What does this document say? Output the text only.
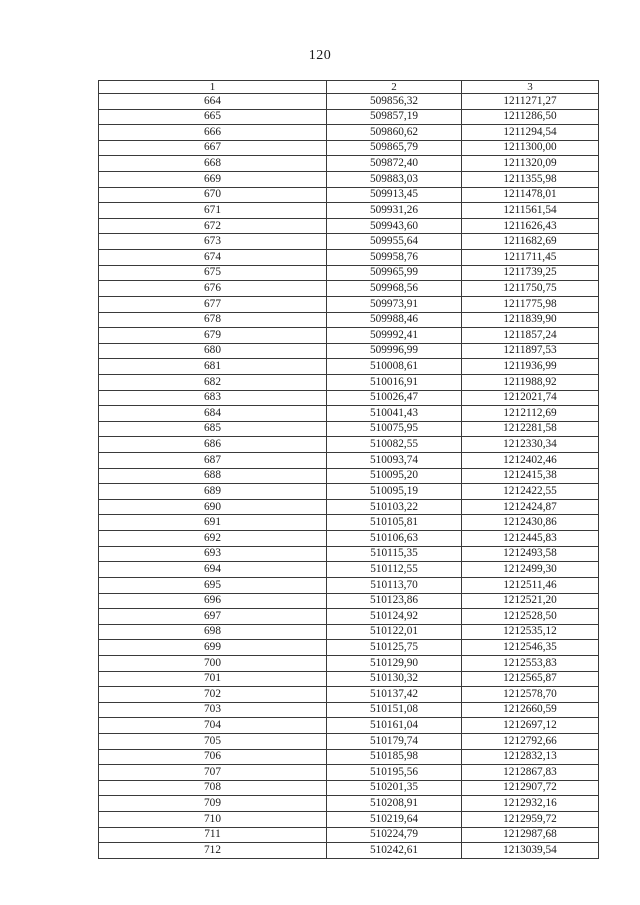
120
1	2	3
664	509856,32	1211271,27
665	509857,19	1211286,50
666	509860,62	1211294,54
667	509865,79	1211300,00
668	509872,40	1211320,09
669	509883,03	1211355,98
670	509913,45	1211478,01
671	509931,26	1211561,54
672	509943,60	1211626,43
673	509955,64	1211682,69
674	509958,76	1211711,45
675	509965,99	1211739,25
676	509968,56	1211750,75
677	509973,91	1211775,98
678	509988,46	1211839,90
679	509992,41	1211857,24
680	509996,99	1211897,53
681	510008,61	1211936,99
682	510016,91	1211988,92
683	510026,47	1212021,74
684	510041,43	1212112,69
685	510075,95	1212281,58
686	510082,55	1212330,34
687	510093,74	1212402,46
688	510095,20	1212415,38
689	510095,19	1212422,55
690	510103,22	1212424,87
691	510105,81	1212430,86
692	510106,63	1212445,83
693	510115,35	1212493,58
694	510112,55	1212499,30
695	510113,70	1212511,46
696	510123,86	1212521,20
697	510124,92	1212528,50
698	510122,01	1212535,12
699	510125,75	1212546,35
700	510129,90	1212553,83
701	510130,32	1212565,87
702	510137,42	1212578,70
703	510151,08	1212660,59
704	510161,04	1212697,12
705	510179,74	1212792,66
706	510185,98	1212832,13
707	510195,56	1212867,83
708	510201,35	1212907,72
709	510208,91	1212932,16
710	510219,64	1212959,72
711	510224,79	1212987,68
712	510242,61	1213039,54
